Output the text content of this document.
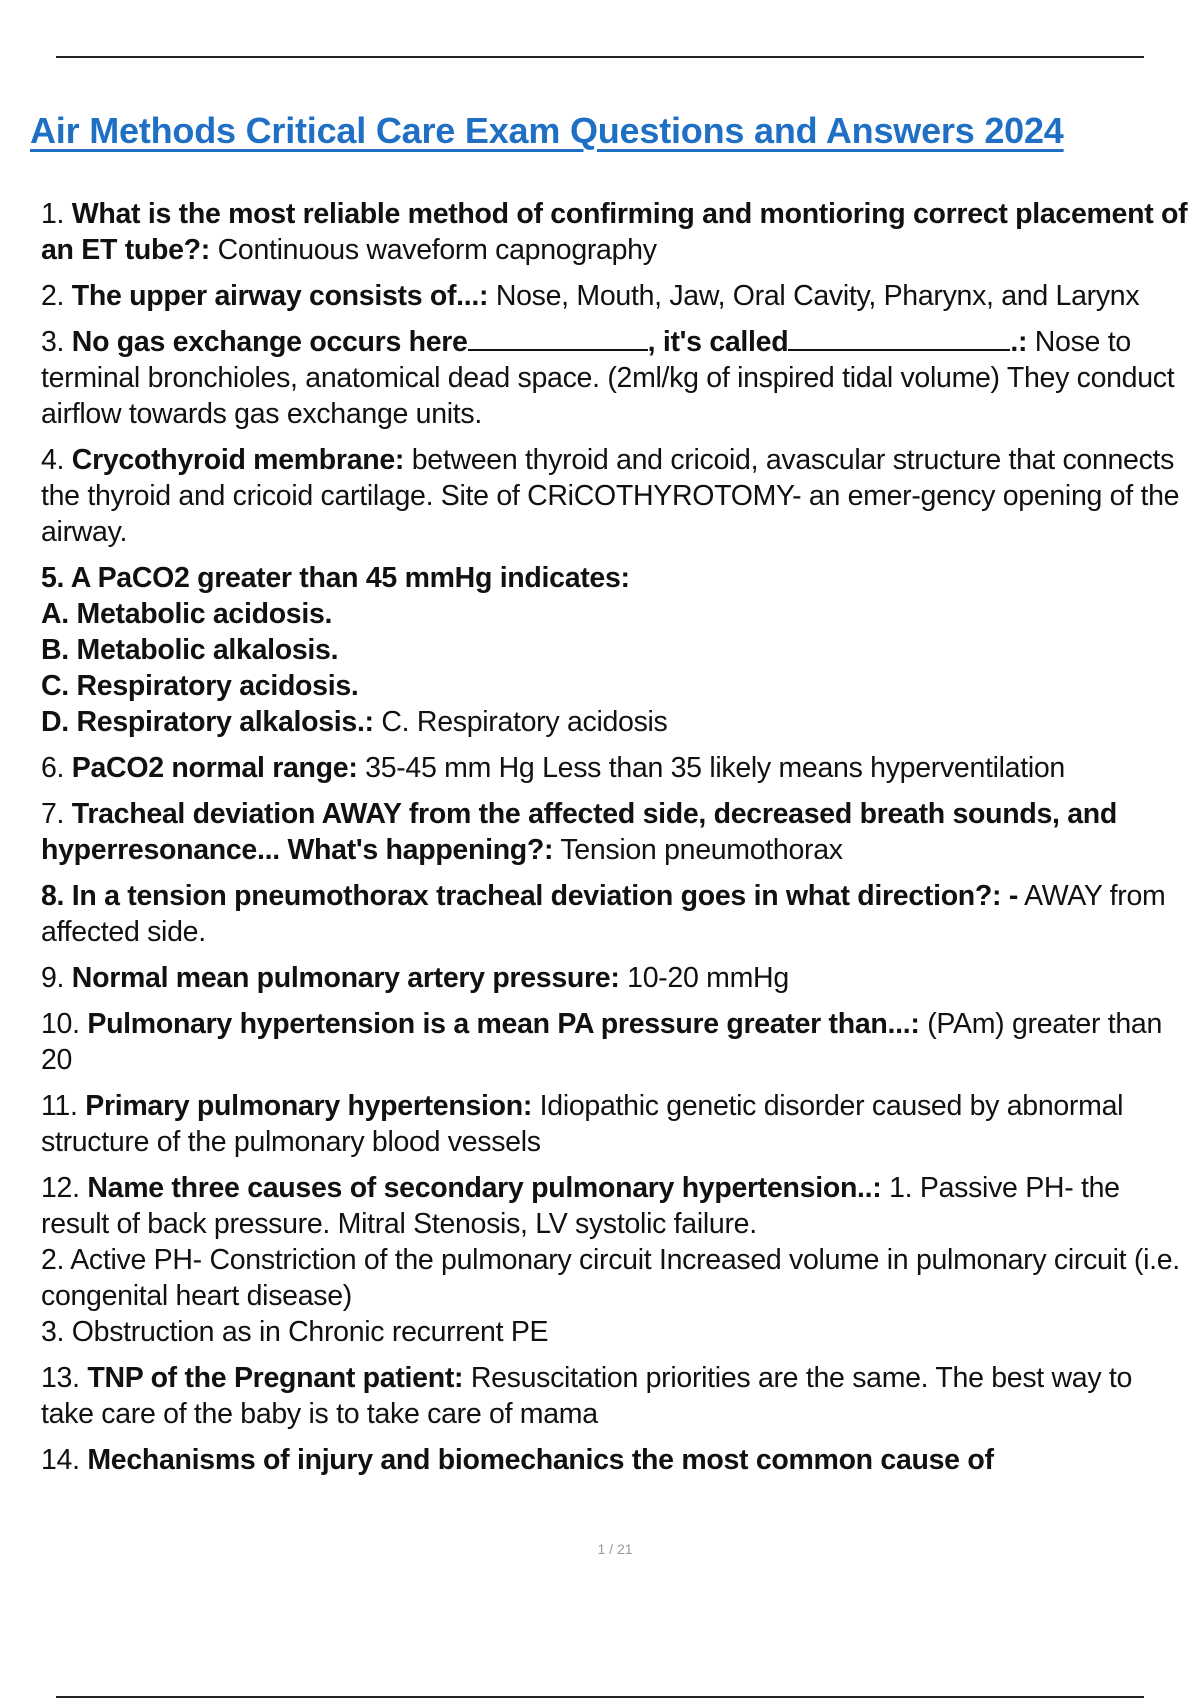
Air Methods Critical Care Exam Questions and Answers 2024

1. What is the most reliable method of confirming and montioring correct placement of an ET tube?: Continuous waveform capnography

2. The upper airway consists of...: Nose, Mouth, Jaw, Oral Cavity, Pharynx, and Larynx

3. No gas exchange occurs here	, it's called	.: Nose to terminal bronchioles, anatomical dead space. (2ml/kg of inspired tidal volume) They conduct airflow towards gas exchange units.

4. Crycothyroid membrane: between thyroid and cricoid, avascular structure that connects the thyroid and cricoid cartilage. Site of CRiCOTHYROTOMY- an emer-gency opening of the airway.

5. A PaCO2 greater than 45 mmHg indicates:
A. Metabolic acidosis.
B. Metabolic alkalosis.
C. Respiratory acidosis.
D. Respiratory alkalosis.: C. Respiratory acidosis

6. PaCO2 normal range: 35-45 mm Hg Less than 35 likely means hyperventilation

7. Tracheal deviation AWAY from the affected side, decreased breath sounds, and hyperresonance... What's happening?: Tension pneumothorax

8. In a tension pneumothorax tracheal deviation goes in what direction?: - AWAY from affected side.

9. Normal mean pulmonary artery pressure: 10-20 mmHg

10. Pulmonary hypertension is a mean PA pressure greater than...: (PAm) greater than 20

11. Primary pulmonary hypertension: Idiopathic genetic disorder caused by abnormal structure of the pulmonary blood vessels

12. Name three causes of secondary pulmonary hypertension..: 1. Passive PH- the result of back pressure. Mitral Stenosis, LV systolic failure.
2. Active PH- Constriction of the pulmonary circuit Increased volume in pulmonary circuit (i.e. congenital heart disease)
3. Obstruction as in Chronic recurrent PE

13. TNP of the Pregnant patient: Resuscitation priorities are the same. The best way to take care of the baby is to take care of mama

14. Mechanisms of injury and biomechanics the most common cause of

1 / 21
